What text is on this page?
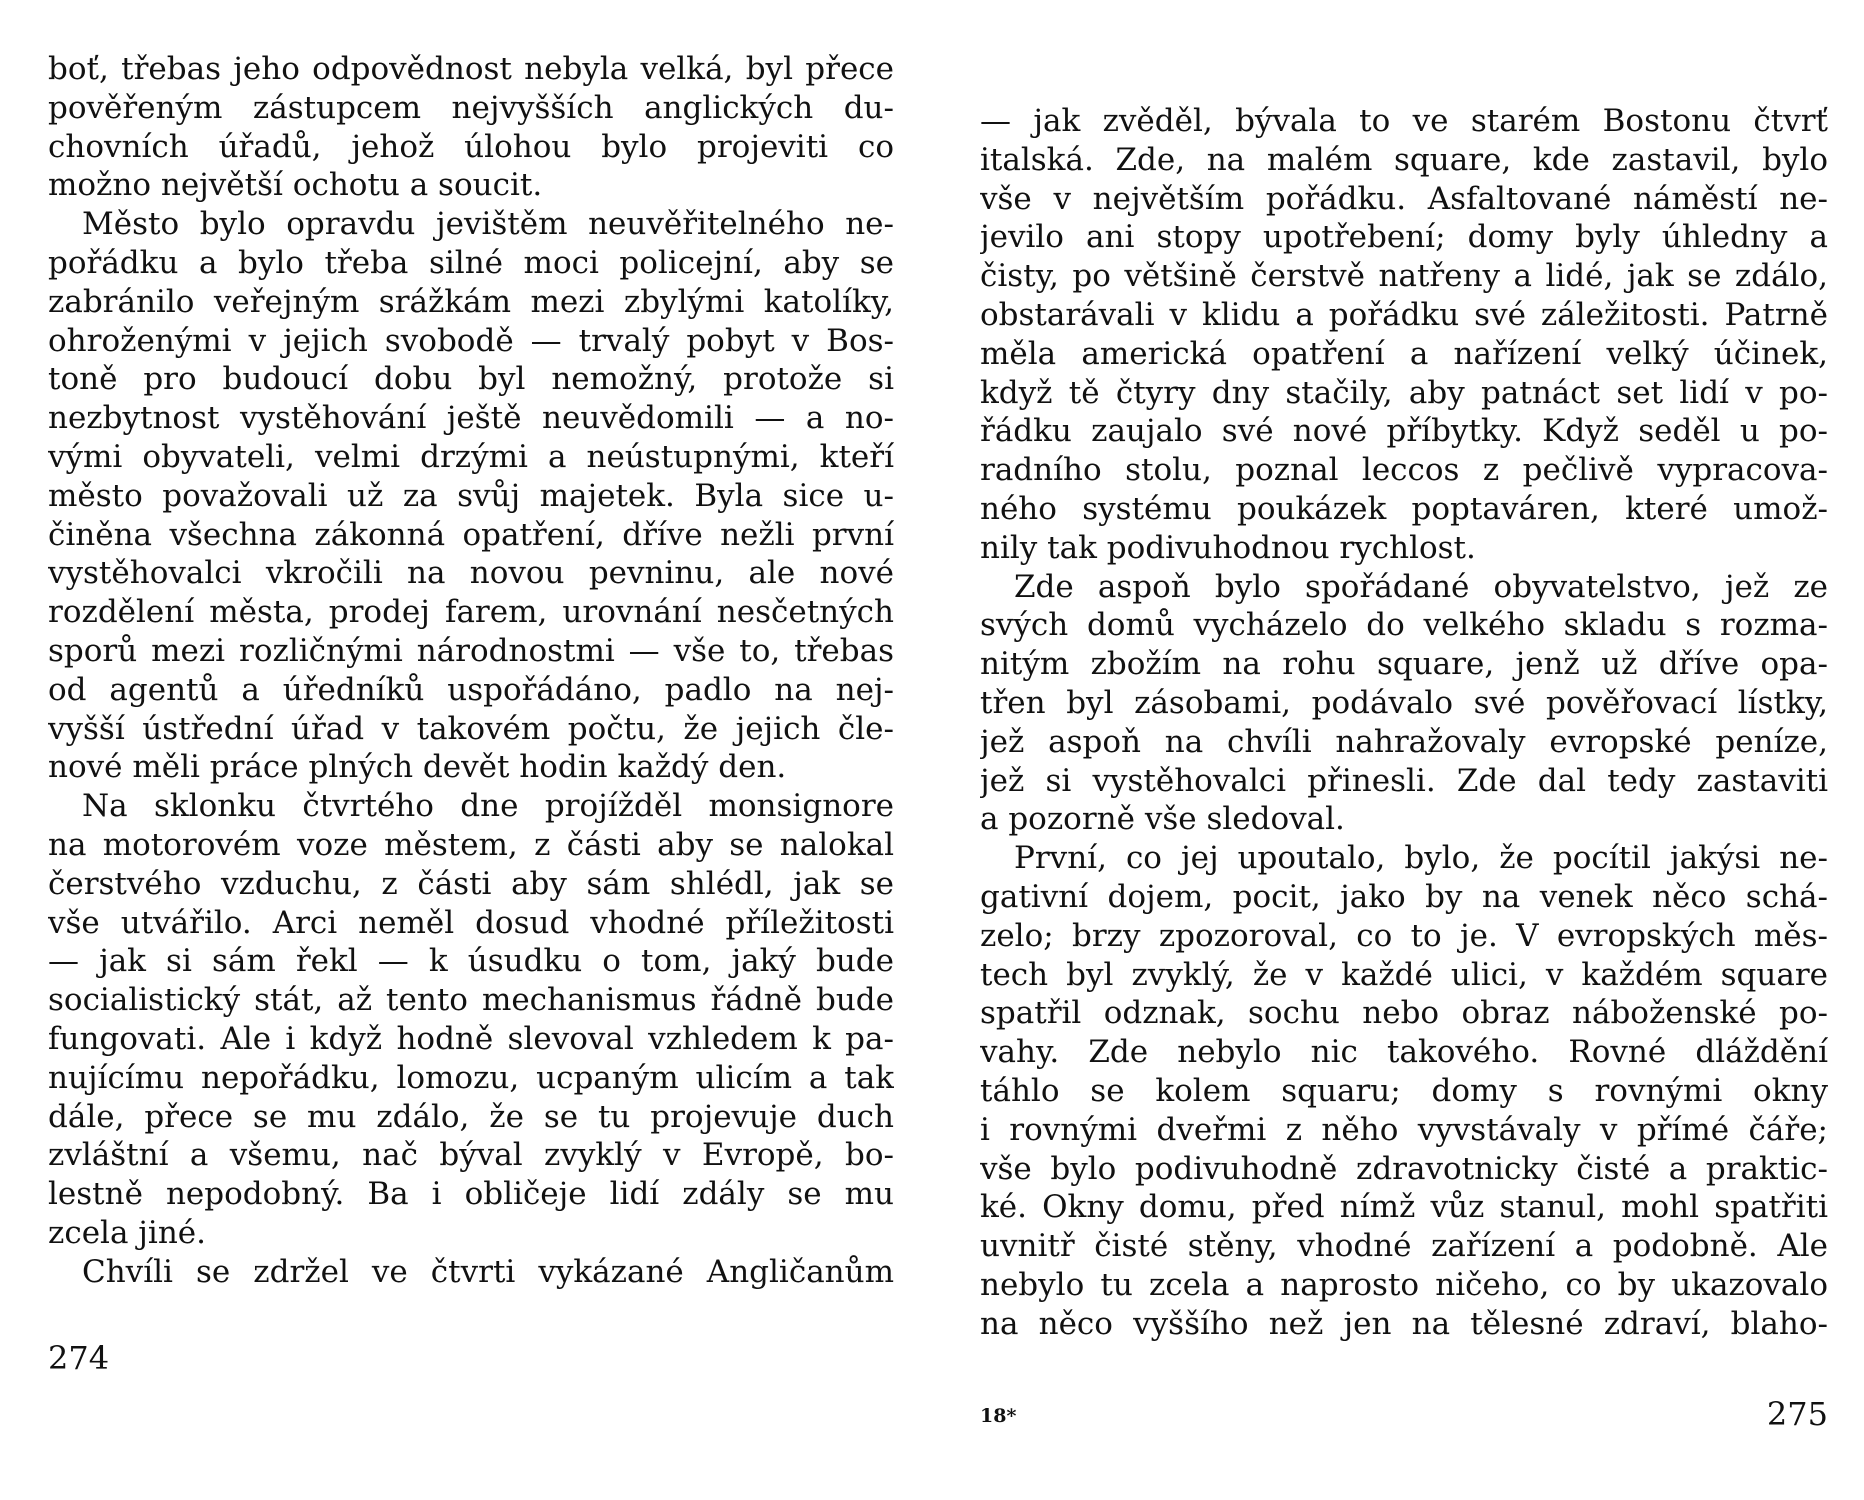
boť, třebas jeho odpovědnost nebyla velká, byl přece
pověřeným zástupcem nejvyšších anglických du-
chovních úřadů, jehož úlohou bylo projeviti co
možno největší ochotu a soucit.
Město bylo opravdu jevištěm neuvěřitelného ne-
pořádku a bylo třeba silné moci policejní, aby se
zabránilo veřejným srážkám mezi zbylými katolíky,
ohroženými v jejich svobodě — trvalý pobyt v Bos-
toně pro budoucí dobu byl nemožný, protože si
nezbytnost vystěhování ještě neuvědomili — a no-
vými obyvateli, velmi drzými a neústupnými, kteří
město považovali už za svůj majetek. Byla sice u-
činěna všechna zákonná opatření, dříve nežli první
vystěhovalci vkročili na novou pevninu, ale nové
rozdělení města, prodej farem, urovnání nesčetných
sporů mezi rozličnými národnostmi — vše to, třebas
od agentů a úředníků uspořádáno, padlo na nej-
vyšší ústřední úřad v takovém počtu, že jejich čle-
nové měli práce plných devět hodin každý den.
Na sklonku čtvrtého dne projížděl monsignore
na motorovém voze městem, z části aby se nalokal
čerstvého vzduchu, z části aby sám shlédl, jak se
vše utvářilo. Arci neměl dosud vhodné příležitosti
— jak si sám řekl — k úsudku o tom, jaký bude
socialistický stát, až tento mechanismus řádně bude
fungovati. Ale i když hodně slevoval vzhledem k pa-
nujícímu nepořádku, lomozu, ucpaným ulicím a tak
dále, přece se mu zdálo, že se tu projevuje duch
zvláštní a všemu, nač býval zvyklý v Evropě, bo-
lestně nepodobný. Ba i obličeje lidí zdály se mu
zcela jiné.
Chvíli se zdržel ve čtvrti vykázané Angličanům
274
— jak zvěděl, bývala to ve starém Bostonu čtvrť
italská. Zde, na malém square, kde zastavil, bylo
vše v největším pořádku. Asfaltované náměstí ne-
jevilo ani stopy upotřebení; domy byly úhledny a
čisty, po většině čerstvě natřeny a lidé, jak se zdálo,
obstarávali v klidu a pořádku své záležitosti. Patrně
měla americká opatření a nařízení velký účinek,
když tě čtyry dny stačily, aby patnáct set lidí v po-
řádku zaujalo své nové příbytky. Když seděl u po-
radního stolu, poznal leccos z pečlivě vypracova-
ného systému poukázek poptaváren, které umož-
nily tak podivuhodnou rychlost.
Zde aspoň bylo spořádané obyvatelstvo, jež ze
svých domů vycházelo do velkého skladu s rozma-
nitým zbožím na rohu square, jenž už dříve opa-
třen byl zásobami, podávalo své pověřovací lístky,
jež aspoň na chvíli nahražovaly evropské peníze,
jež si vystěhovalci přinesli. Zde dal tedy zastaviti
a pozorně vše sledoval.
První, co jej upoutalo, bylo, že pocítil jakýsi ne-
gativní dojem, pocit, jako by na venek něco schá-
zelo; brzy zpozoroval, co to je. V evropských měs-
tech byl zvyklý, že v každé ulici, v každém square
spatřil odznak, sochu nebo obraz náboženské po-
vahy. Zde nebylo nic takového. Rovné dláždění
táhlo se kolem squaru; domy s rovnými okny
i rovnými dveřmi z něho vyvstávaly v přímé čáře;
vše bylo podivuhodně zdravotnicky čisté a praktic-
ké. Okny domu, před nímž vůz stanul, mohl spatřiti
uvnitř čisté stěny, vhodné zařízení a podobně. Ale
nebylo tu zcela a naprosto ničeho, co by ukazovalo
na něco vyššího než jen na tělesné zdraví, blaho-
18*	275
